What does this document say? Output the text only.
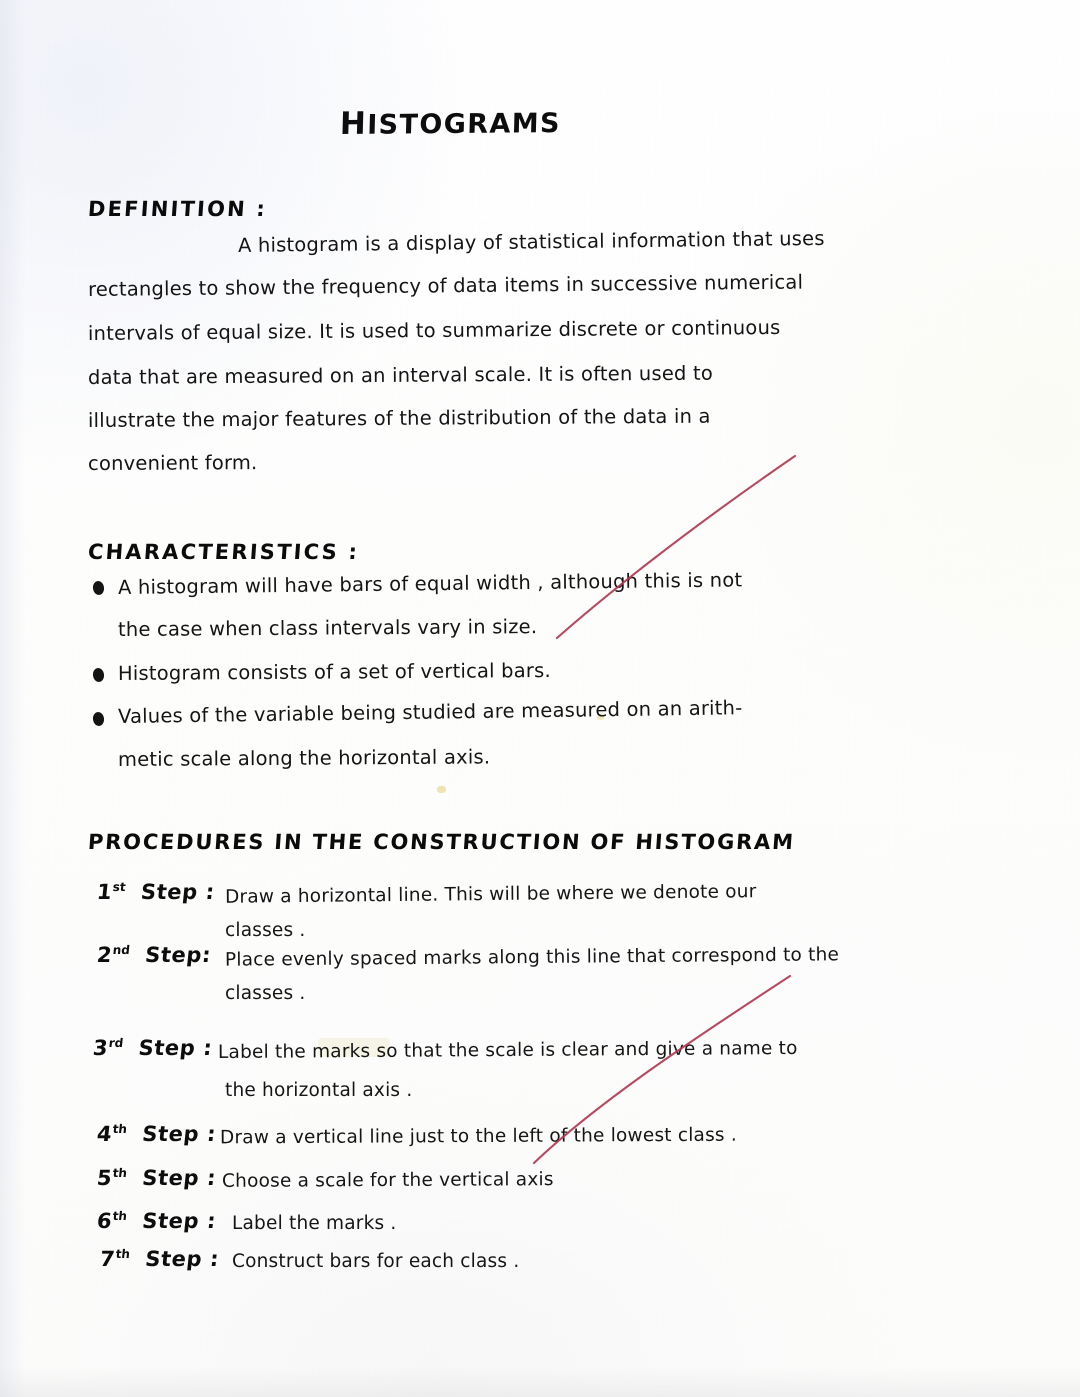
histograms
DEFINITION :
A histogram is a display of statistical information that uses
rectangles to show the frequency of data items in successive numerical
intervals of equal size. It is used to summarize discrete or continuous
data that are measured on an interval scale. It is often used to
illustrate the major features of the distribution of the data in a
convenient form.
CHARACTERISTICS :
A histogram will have bars of equal width , although this is not
the case when class intervals vary in size.
Histogram consists of a set of vertical bars.
Values of the variable being studied are measured on an arith-
metic scale along the horizontal axis.
PROCEDURES IN THE CONSTRUCTION OF HISTOGRAM
1st Step : Draw a horizontal line. This will be where we denote our
classes .
2nd Step: Place evenly spaced marks along this line that correspond to the
classes .
3rd Step : Label the marks so that the scale is clear and give a name to
the horizontal axis .
4th Step : Draw a vertical line just to the left of the lowest class .
5th Step : Choose a scale for the vertical axis
6th Step : Label the marks .
7th Step : Construct bars for each class .
